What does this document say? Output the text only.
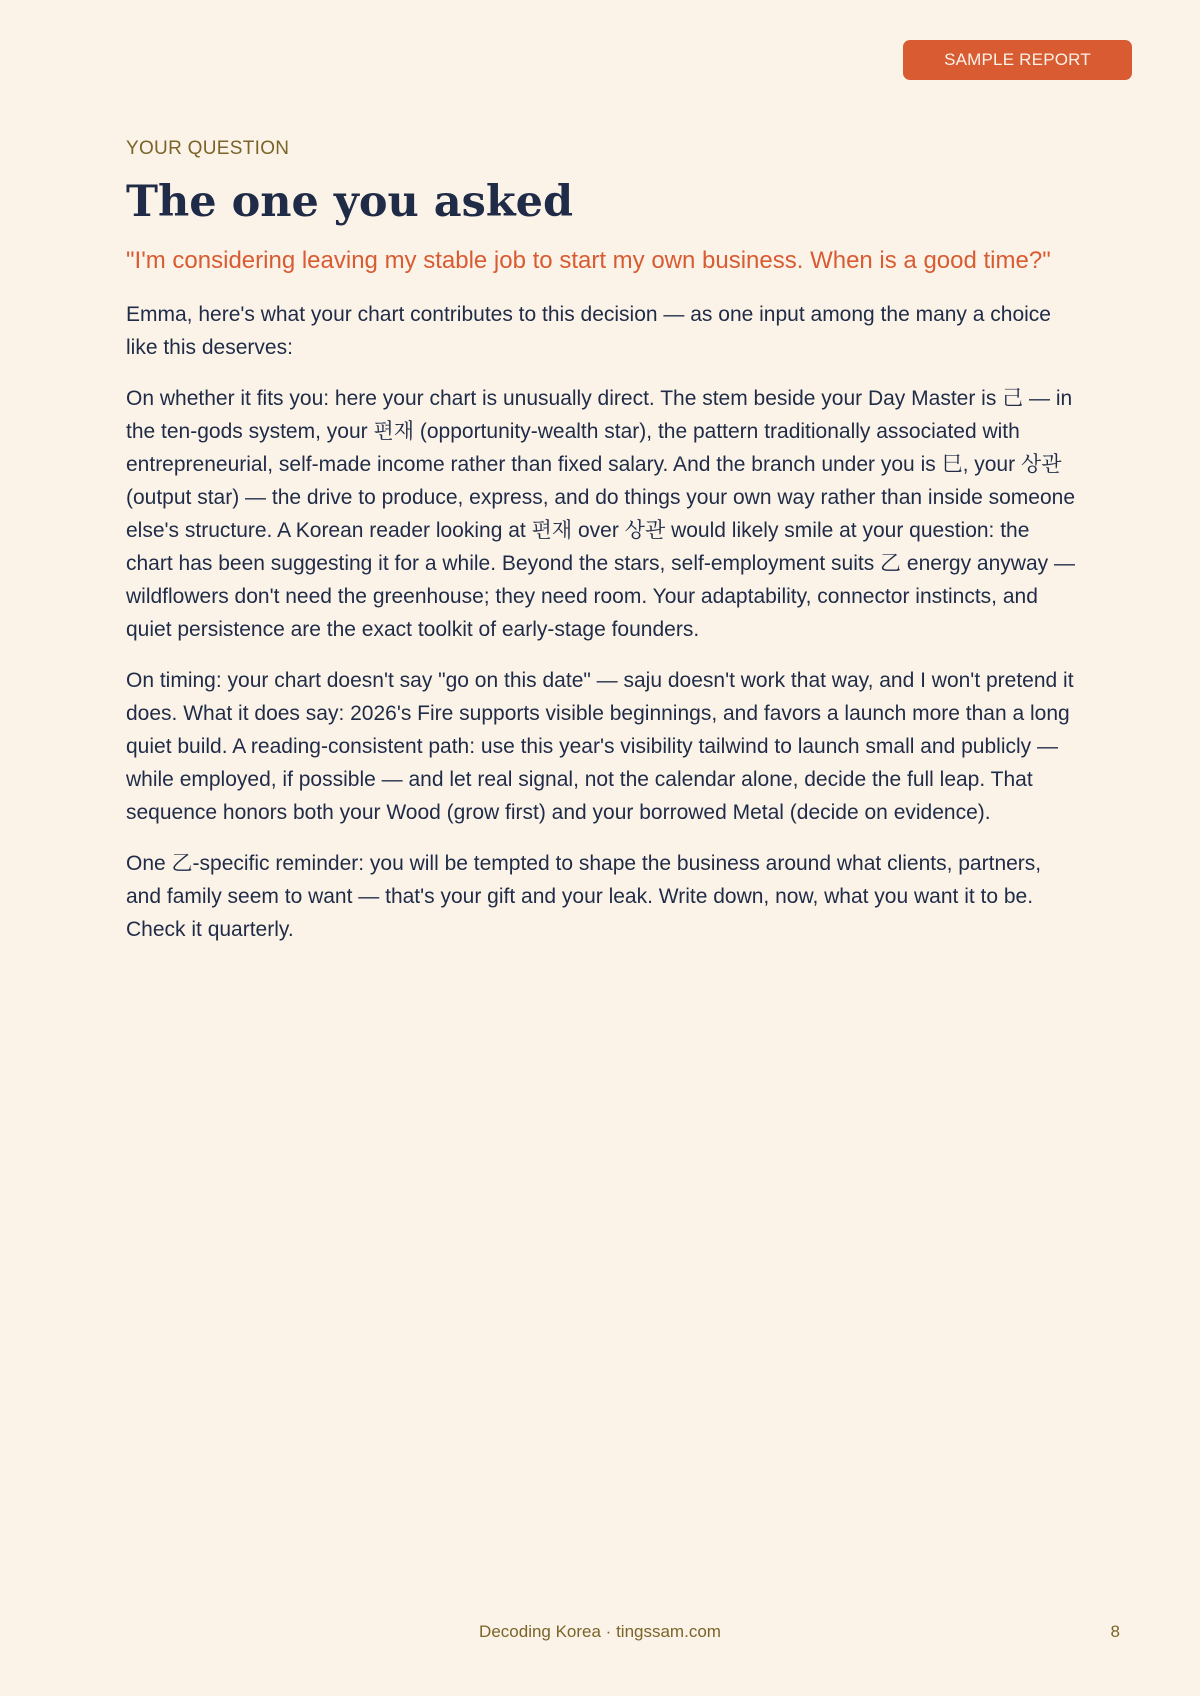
SAMPLE REPORT

YOUR QUESTION

The one you asked

"I'm considering leaving my stable job to start my own business. When is a good time?"

Emma, here's what your chart contributes to this decision — as one input among the many a choice like this deserves:

On whether it fits you: here your chart is unusually direct. The stem beside your Day Master is 己 — in the ten-gods system, your 편재 (opportunity-wealth star), the pattern traditionally associated with entrepreneurial, self-made income rather than fixed salary. And the branch under you is 巳, your 상관 (output star) — the drive to produce, express, and do things your own way rather than inside someone else's structure. A Korean reader looking at 편재 over 상관 would likely smile at your question: the chart has been suggesting it for a while. Beyond the stars, self-employment suits 乙 energy anyway — wildflowers don't need the greenhouse; they need room. Your adaptability, connector instincts, and quiet persistence are the exact toolkit of early-stage founders.

On timing: your chart doesn't say "go on this date" — saju doesn't work that way, and I won't pretend it does. What it does say: 2026's Fire supports visible beginnings, and favors a launch more than a long quiet build. A reading-consistent path: use this year's visibility tailwind to launch small and publicly — while employed, if possible — and let real signal, not the calendar alone, decide the full leap. That sequence honors both your Wood (grow first) and your borrowed Metal (decide on evidence).

One 乙-specific reminder: you will be tempted to shape the business around what clients, partners, and family seem to want — that's your gift and your leak. Write down, now, what you want it to be. Check it quarterly.

Decoding Korea · tingssam.com	8
